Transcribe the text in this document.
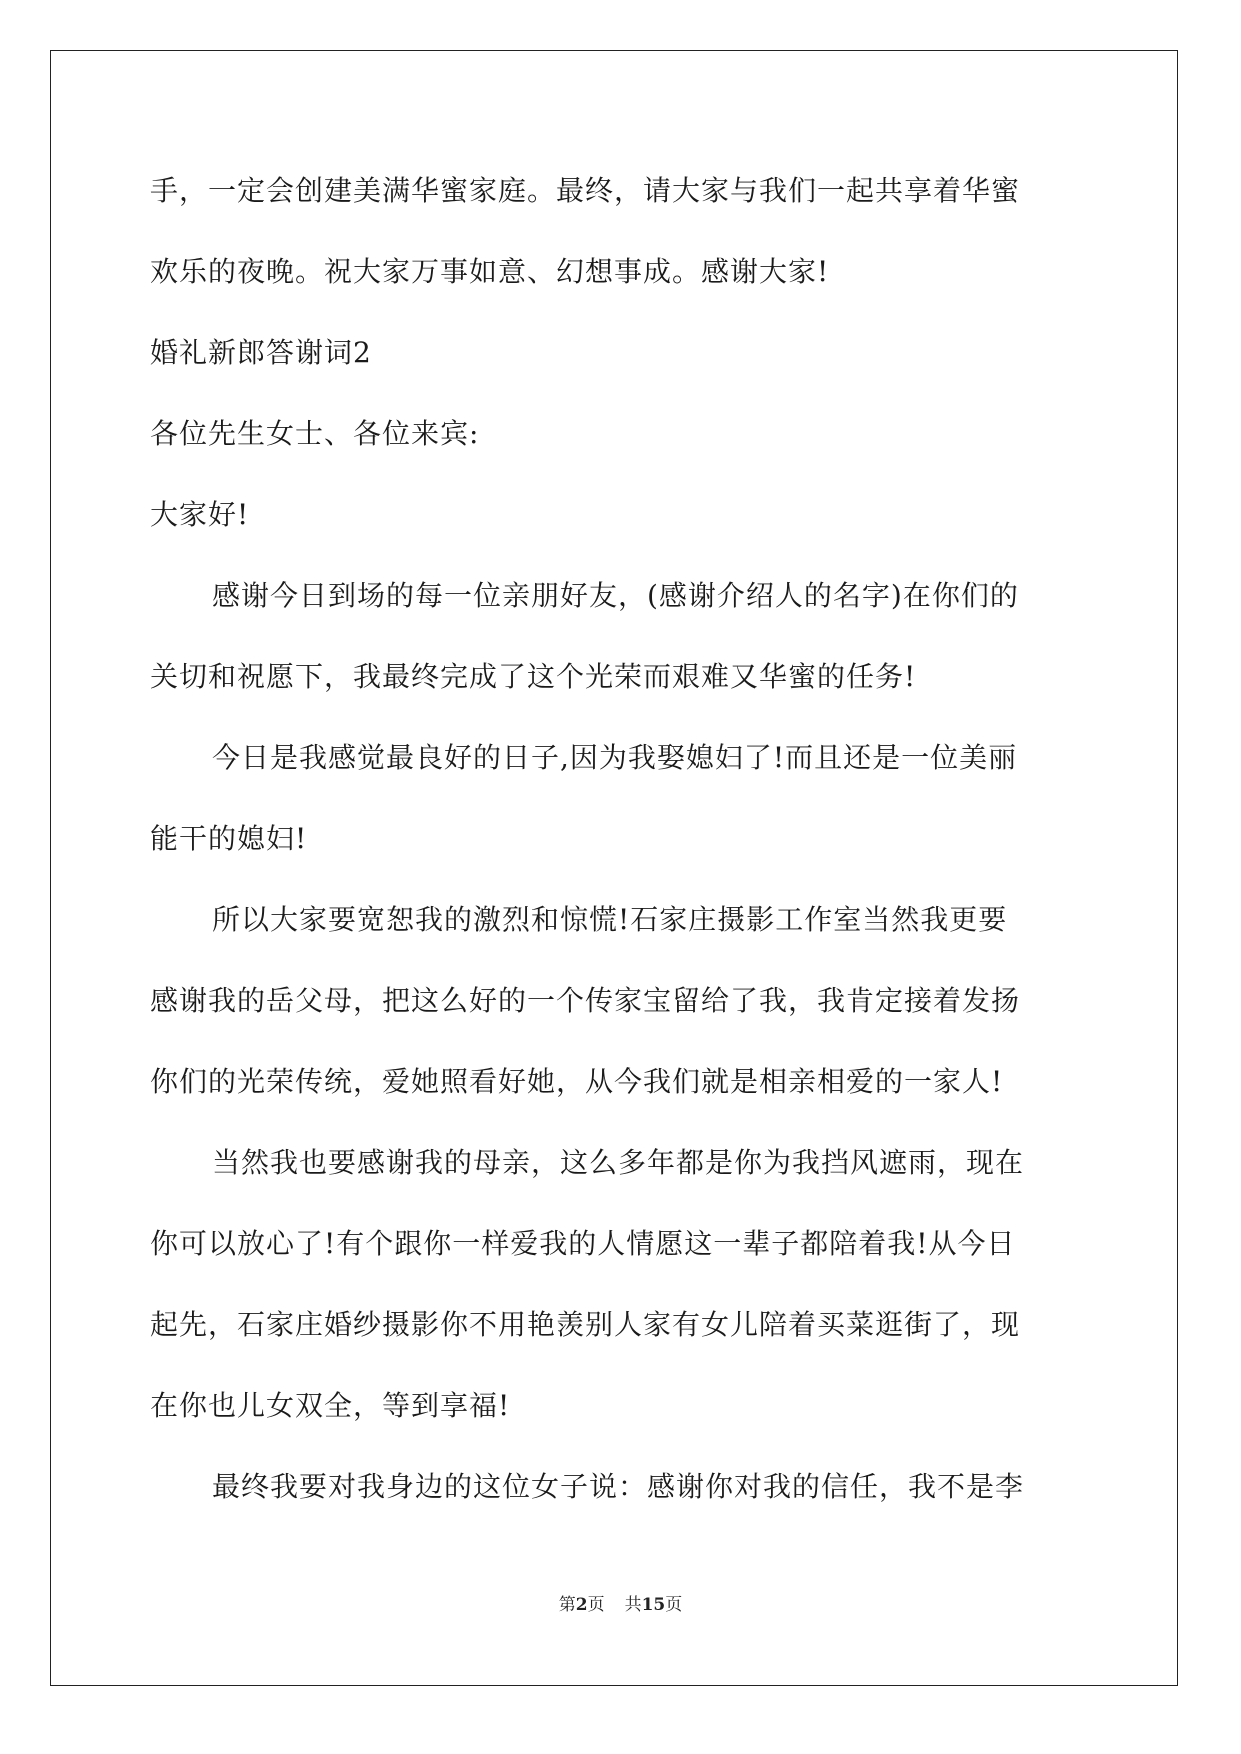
手，一定会创建美满华蜜家庭。最终，请大家与我们一起共享着华蜜

欢乐的夜晚。祝大家万事如意、幻想事成。感谢大家!

婚礼新郎答谢词2

各位先生女士、各位来宾:

大家好!

感谢今日到场的每一位亲朋好友，(感谢介绍人的名字)在你们的

关切和祝愿下，我最终完成了这个光荣而艰难又华蜜的任务!

今日是我感觉最良好的日子,因为我娶媳妇了!而且还是一位美丽

能干的媳妇!

所以大家要宽恕我的激烈和惊慌!石家庄摄影工作室当然我更要

感谢我的岳父母，把这么好的一个传家宝留给了我，我肯定接着发扬

你们的光荣传统，爱她照看好她，从今我们就是相亲相爱的一家人!

当然我也要感谢我的母亲，这么多年都是你为我挡风遮雨，现在

你可以放心了!有个跟你一样爱我的人情愿这一辈子都陪着我!从今日

起先，石家庄婚纱摄影你不用艳羡别人家有女儿陪着买菜逛街了，现

在你也儿女双全，等到享福!

最终我要对我身边的这位女子说：感谢你对我的信任，我不是李

第2页 共15页
